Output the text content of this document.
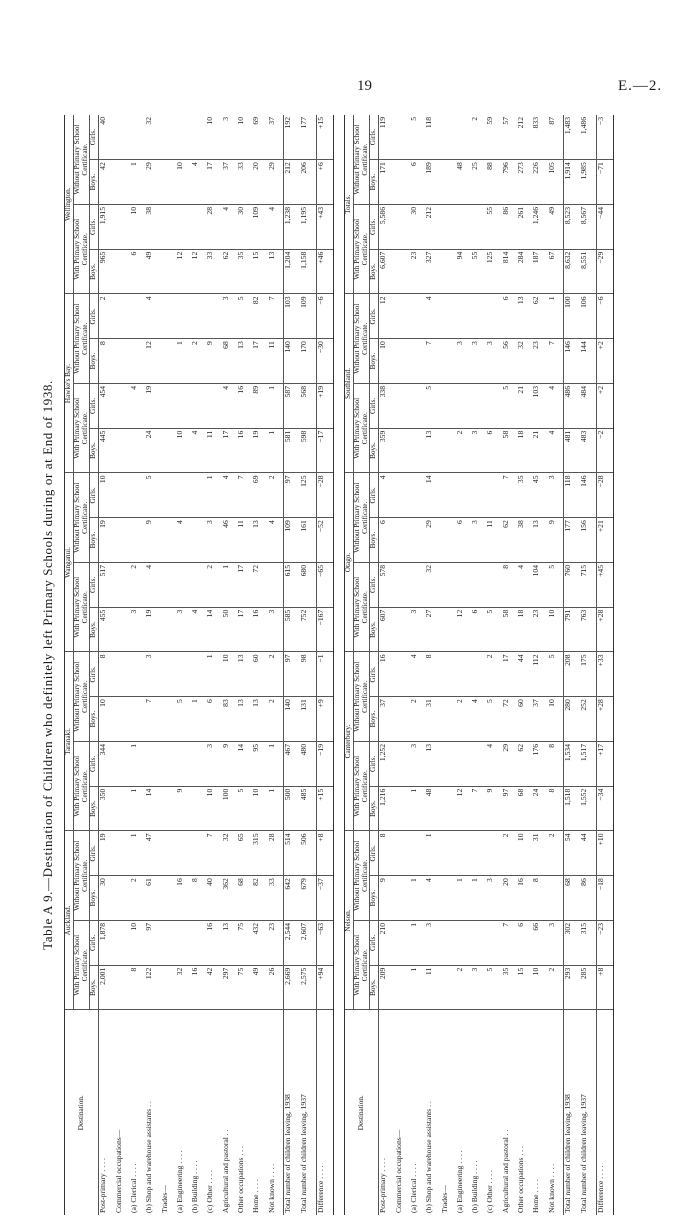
19	E.—2.
Table A 9.—Destination of Children who definitely left Primary Schools during or at End of 1938.
Destination.	Auckland.				Taranaki.				Wanganui.				Hawke's Bay.				Wellington.			
	With Primary School Certificate.		Without Primary School Certificate.		With Primary School Certificate.		Without Primary School Certificate.		With Primary School Certificate.		Without Primary School Certificate.		With Primary School Certificate.		Without Primary School Certificate.		With Primary School Certificate.		Without Primary School Certificate.	
	Boys.	Girls.	Boys.	Girls.	Boys.	Girls.	Boys.	Girls.	Boys.	Girls.	Boys.	Girls.	Boys.	Girls.	Boys.	Girls.	Boys.	Girls.	Boys.	Girls.
Post-primary . . . .	2,001	1,878	30	19	350	344	10	8	455	517	19	10	445	454	8	2	965	1,915	42	40
Commercial occupations—																				
(a) Clerical . . . .	8	10	2	1	1	1			3	2				4			6	10	1	
(b) Shop and warehouse assistants . .	122	97	61	47	14		7	3	19	4	9	5	24	19	12	4	49	38	29	32
Trades—																				
(a) Engineering . . . .	32		16		9		5		3		4		10		1		12		10	
(b) Building . . . .	16		8				1		4				4		2		12		4	
(c) Other . . . .	42	16	40	7	10	3	6	1	14	2	3	1	11		9		33	28	17	10
Agricultural and pastoral . .	297	13	362	32	100	9	83	10	50	1	46	4	17	4	68	3	62	4	37	3
Other occupations . . .	75	75	68	65	5	14	13	13	17	17	11	7	16	16	13	5	35	30	33	10
Home . . . .	49	432	82	315	10	95	13	60	16	72	13	69	19	89	17	82	15	109	20	69
Not known . . . .	26	23	33	28	1	1	2	2	3		4	2	1	1	11	7	13	4	29	37
Total number of children leaving, 1938	2,669	2,544	642	514	500	467	140	97	585	615	109	97	581	587	140	103	1,204	1,238	212	192
Total number of children leaving, 1937	2,575	2,607	679	506	485	480	131	98	752	680	161	125	598	568	170	109	1,158	1,195	206	177
Difference . . . .	+94	−63	−37	+8	+15	−19	+9	−1	−167	−65	−52	−28	−17	+19	−30	−6	+46	+43	+6	+15
Destination.	Nelson.				Canterbury.				Otago.				Southland.				Totals.			
	With Primary School Certificate.		Without Primary School Certificate.		With Primary School Certificate.		Without Primary School Certificate.		With Primary School Certificate.		Without Primary School Certificate.		With Primary School Certificate.		Without Primary School Certificate.		With Primary School Certificate.		Without Primary School Certificate.	
	Boys.	Girls.	Boys.	Girls.	Boys.	Girls.	Boys.	Girls.	Boys.	Girls.	Boys.	Girls.	Boys.	Girls.	Boys.	Girls.	Boys.	Girls.	Boys.	Girls.
Post-primary . . . .	209	210	9	8	1,216	1,252	37	16	607	578	6	4	359	338	10	12	6,607	5,586	171	119
Commercial occupations—																				
(a) Clerical . . . .	1	1	1		1	3	2	4	3								23	30	6	5
(b) Shop and warehouse assistants . .	11	3	4	1	48	13	31	8	27	32	29	14	13	5	7	4	327	212	189	118
Trades—																				
(a) Engineering . . . .	2		1		12		2		12		6		2		3		94		48	
(b) Building . . . .	3		1		7		4		6		3		3		3		55		25	2
(c) Other . . . .	5		3		9	4	5	2	5		11		6		3		125	55	88	59
Agricultural and pastoral . .	35	7	20	2	97	29	72	17	58	8	62	7	58	5	56	6	814	86	796	57
Other occupations . . .	15	6	16	10	68	62	60	44	18	4	38	35	18	21	32	13	284	261	273	212
Home . . . .	10	66	8	31	24	176	37	112	23	104	13	45	21	103	23	62	187	1,246	226	833
Not known . . . .	2	3		2	8	8	10	5	10	5	9	3	4	4	7	1	67	49	105	87
Total number of children leaving, 1938	293	302	68	54	1,518	1,534	280	208	791	760	177	118	481	486	146	100	8,632	8,523	1,914	1,483
Total number of children leaving, 1937	285	315	86	44	1,552	1,517	252	175	763	715	156	146	483	484	144	106	8,551	8,567	1,985	1,486
Difference . . . .	+8	−23	−18	+10	−34	+17	+28	+33	+28	+45	+21	−28	−2	+2	+2	−6	−29	−44	−71	−3
